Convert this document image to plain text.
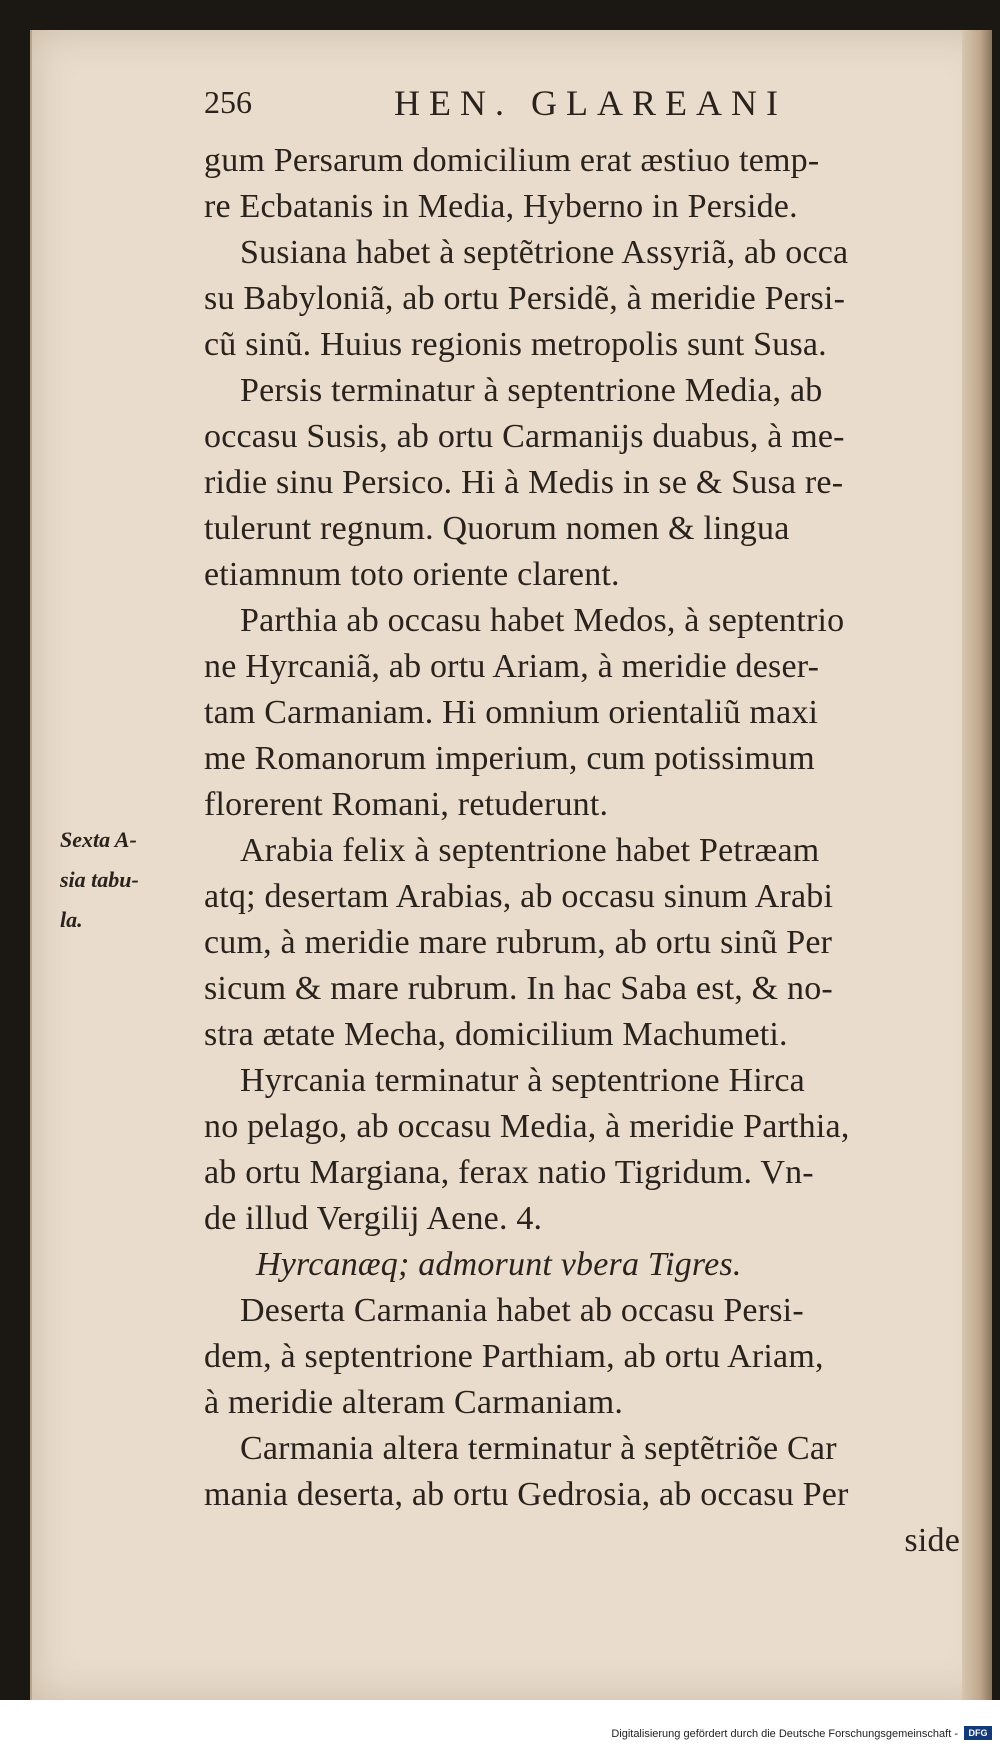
256	HEN. GLAREANI
Sexta A-
sia tabu-
la.
gum Persarum domicilium erat æstiuo temp-
re Ecbatanis in Media, Hyberno in Perside.
Susiana habet à septẽtrione Assyriã, ab occa
su Babyloniã, ab ortu Persidẽ, à meridie Persi-
cũ sinũ. Huius regionis metropolis sunt Susa.
Persis terminatur à septentrione Media, ab
occasu Susis, ab ortu Carmanijs duabus, à me-
ridie sinu Persico. Hi à Medis in se & Susa re-
tulerunt regnum. Quorum nomen & lingua
etiamnum toto oriente clarent.
Parthia ab occasu habet Medos, à septentrio
ne Hyrcaniã, ab ortu Ariam, à meridie deser-
tam Carmaniam. Hi omnium orientaliũ maxi
me Romanorum imperium, cum potissimum
florerent Romani, retuderunt.
Arabia felix à septentrione habet Petræam
atq; desertam Arabias, ab occasu sinum Arabi
cum, à meridie mare rubrum, ab ortu sinũ Per
sicum & mare rubrum. In hac Saba est, & no-
stra ætate Mecha, domicilium Machumeti.
Hyrcania terminatur à septentrione Hirca
no pelago, ab occasu Media, à meridie Parthia,
ab ortu Margiana, ferax natio Tigridum. Vn-
de illud Vergilij Aene. 4.
Hyrcanæq; admorunt vbera Tigres.
Deserta Carmania habet ab occasu Persi-
dem, à septentrione Parthiam, ab ortu Ariam,
à meridie alteram Carmaniam.
Carmania altera terminatur à septẽtriõe Car
mania deserta, ab ortu Gedrosia, ab occasu Per
side
Digitalisierung gefördert durch die Deutsche Forschungsgemeinschaft -	DFG
